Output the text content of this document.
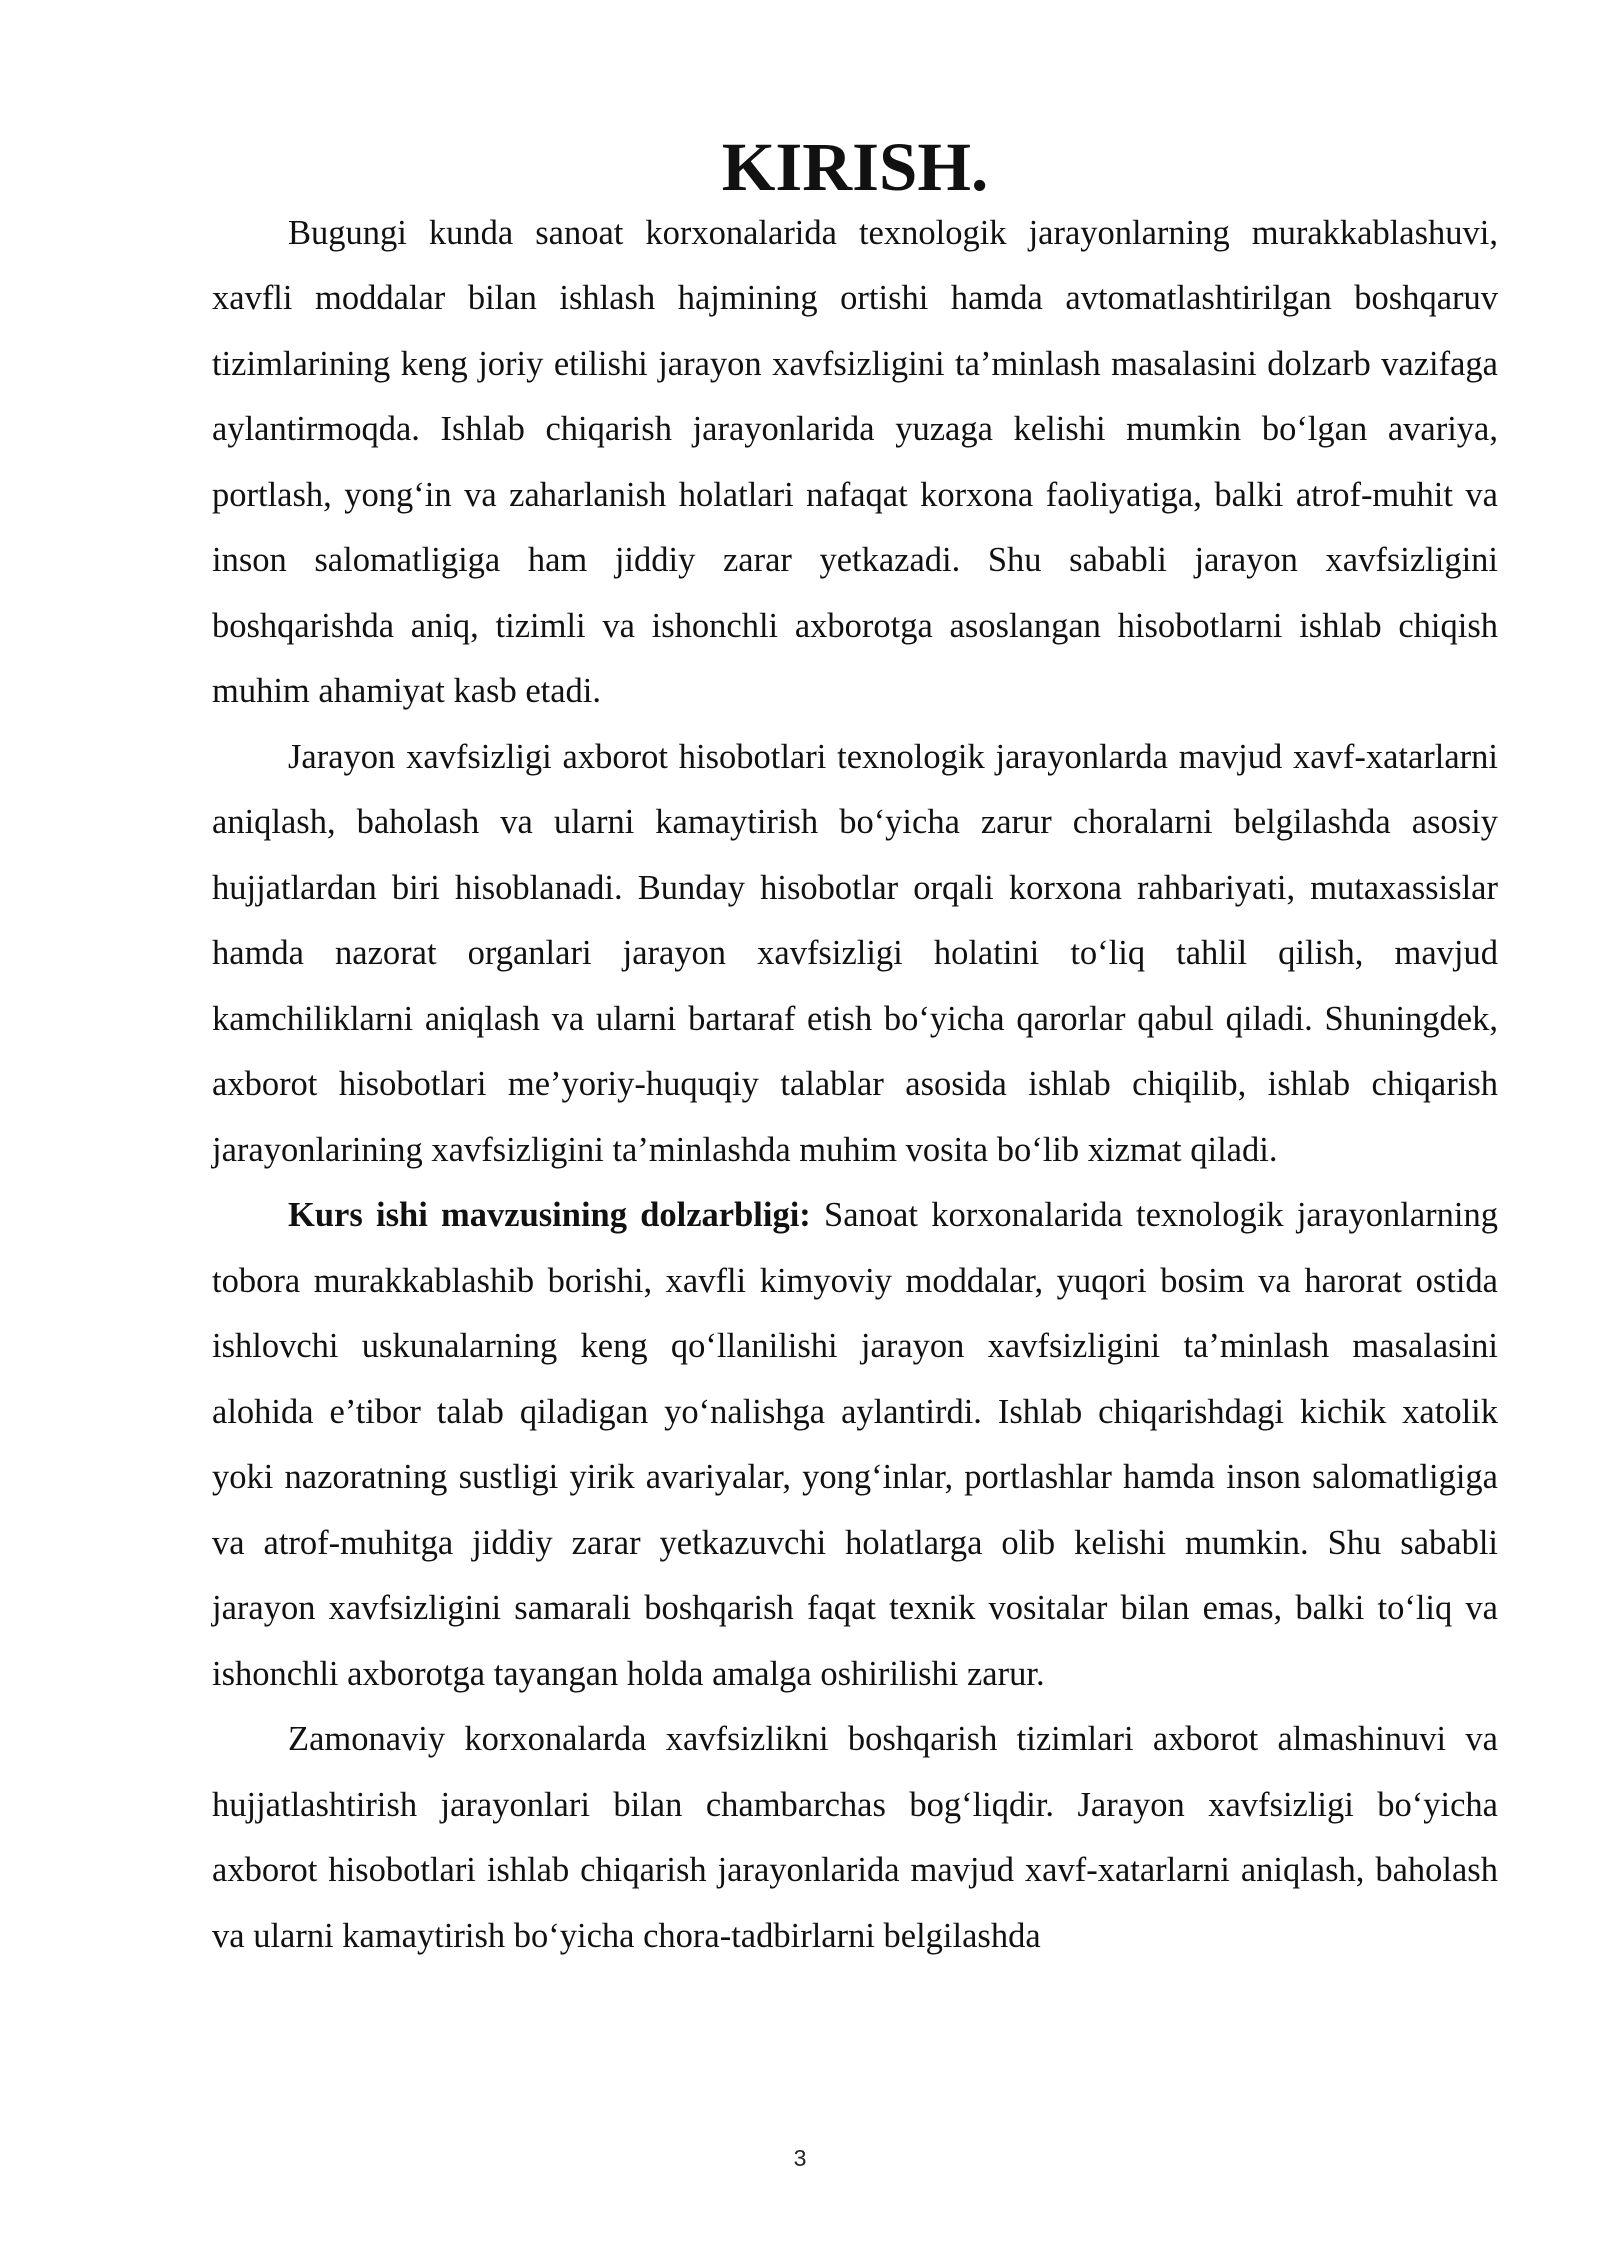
KIRISH.

Bugungi kunda sanoat korxonalarida texnologik jarayonlarning murakkablashuvi, xavfli moddalar bilan ishlash hajmining ortishi hamda avtomatlashtirilgan boshqaruv tizimlarining keng joriy etilishi jarayon xavfsizligini ta’minlash masalasini dolzarb vazifaga aylantirmoqda. Ishlab chiqarish jarayonlarida yuzaga kelishi mumkin bo‘lgan avariya, portlash, yong‘in va zaharlanish holatlari nafaqat korxona faoliyatiga, balki atrof-muhit va inson salomatligiga ham jiddiy zarar yetkazadi. Shu sababli jarayon xavfsizligini boshqarishda aniq, tizimli va ishonchli axborotga asoslangan hisobotlarni ishlab chiqish muhim ahamiyat kasb etadi.

Jarayon xavfsizligi axborot hisobotlari texnologik jarayonlarda mavjud xavf-xatarlarni aniqlash, baholash va ularni kamaytirish bo‘yicha zarur choralarni belgilashda asosiy hujjatlardan biri hisoblanadi. Bunday hisobotlar orqali korxona rahbariyati, mutaxassislar hamda nazorat organlari jarayon xavfsizligi holatini to‘liq tahlil qilish, mavjud kamchiliklarni aniqlash va ularni bartaraf etish bo‘yicha qarorlar qabul qiladi. Shuningdek, axborot hisobotlari me’yoriy-huquqiy talablar asosida ishlab chiqilib, ishlab chiqarish jarayonlarining xavfsizligini ta’minlashda muhim vosita bo‘lib xizmat qiladi.

Kurs ishi mavzusining dolzarbligi: Sanoat korxonalarida texnologik jarayonlarning tobora murakkablashib borishi, xavfli kimyoviy moddalar, yuqori bosim va harorat ostida ishlovchi uskunalarning keng qo‘llanilishi jarayon xavfsizligini ta’minlash masalasini alohida e’tibor talab qiladigan yo‘nalishga aylantirdi. Ishlab chiqarishdagi kichik xatolik yoki nazoratning sustligi yirik avariyalar, yong‘inlar, portlashlar hamda inson salomatligiga va atrof-muhitga jiddiy zarar yetkazuvchi holatlarga olib kelishi mumkin. Shu sababli jarayon xavfsizligini samarali boshqarish faqat texnik vositalar bilan emas, balki to‘liq va ishonchli axborotga tayangan holda amalga oshirilishi zarur.

Zamonaviy korxonalarda xavfsizlikni boshqarish tizimlari axborot almashinuvi va hujjatlashtirish jarayonlari bilan chambarchas bog‘liqdir. Jarayon xavfsizligi bo‘yicha axborot hisobotlari ishlab chiqarish jarayonlarida mavjud xavf-xatarlarni aniqlash, baholash va ularni kamaytirish bo‘yicha chora-tadbirlarni belgilashda

3
